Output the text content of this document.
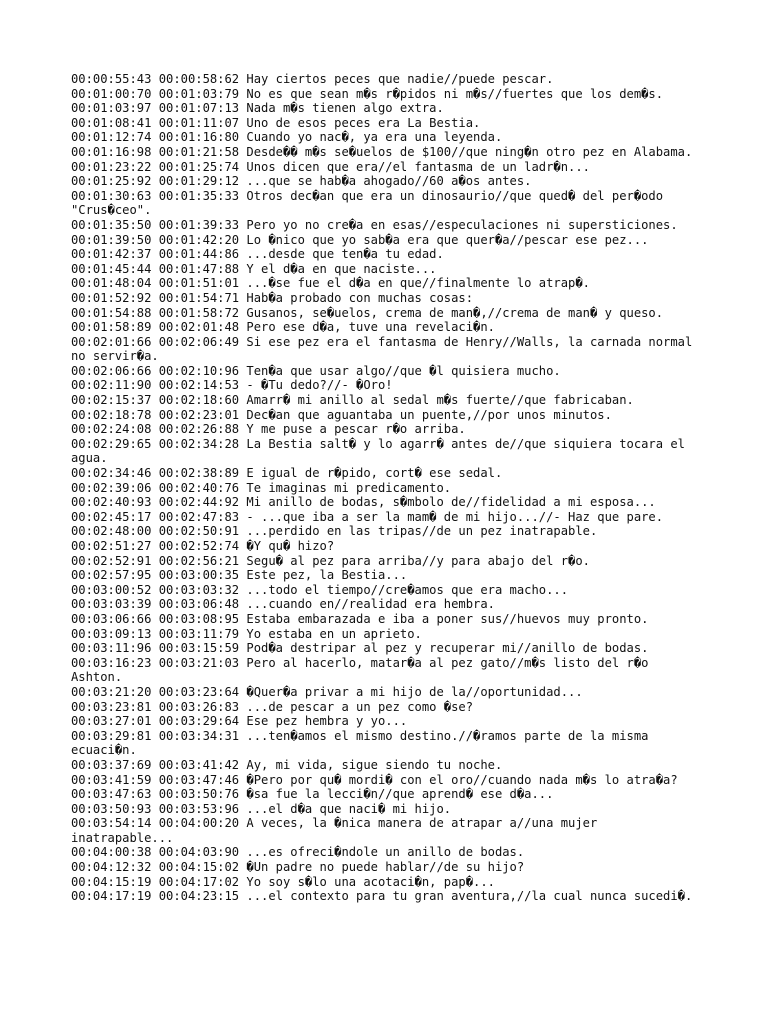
00:00:55:43 00:00:58:62 Hay ciertos peces que nadie//puede pescar.
00:01:00:70 00:01:03:79 No es que sean m�s r�pidos ni m�s//fuertes que los dem�s.
00:01:03:97 00:01:07:13 Nada m�s tienen algo extra.
00:01:08:41 00:01:11:07 Uno de esos peces era La Bestia.
00:01:12:74 00:01:16:80 Cuando yo nac�, ya era una leyenda.
00:01:16:98 00:01:21:58 Desde�� m�s se�uelos de $100//que ning�n otro pez en Alabama.
00:01:23:22 00:01:25:74 Unos dicen que era//el fantasma de un ladr�n...
00:01:25:92 00:01:29:12 ...que se hab�a ahogado//60 a�os antes.
00:01:30:63 00:01:35:33 Otros dec�an que era un dinosaurio//que qued� del per�odo "Crus�ceo".
00:01:35:50 00:01:39:33 Pero yo no cre�a en esas//especulaciones ni supersticiones.
00:01:39:50 00:01:42:20 Lo �nico que yo sab�a era que quer�a//pescar ese pez...
00:01:42:37 00:01:44:86 ...desde que ten�a tu edad.
00:01:45:44 00:01:47:88 Y el d�a en que naciste...
00:01:48:04 00:01:51:01 ...�se fue el d�a en que//finalmente lo atrap�.
00:01:52:92 00:01:54:71 Hab�a probado con muchas cosas:
00:01:54:88 00:01:58:72 Gusanos, se�uelos, crema de man�,//crema de man� y queso.
00:01:58:89 00:02:01:48 Pero ese d�a, tuve una revelaci�n.
00:02:01:66 00:02:06:49 Si ese pez era el fantasma de Henry//Walls, la carnada normal no servir�a.
00:02:06:66 00:02:10:96 Ten�a que usar algo//que �l quisiera mucho.
00:02:11:90 00:02:14:53 - �Tu dedo?//- �Oro!
00:02:15:37 00:02:18:60 Amarr� mi anillo al sedal m�s fuerte//que fabricaban.
00:02:18:78 00:02:23:01 Dec�an que aguantaba un puente,//por unos minutos.
00:02:24:08 00:02:26:88 Y me puse a pescar r�o arriba.
00:02:29:65 00:02:34:28 La Bestia salt� y lo agarr� antes de//que siquiera tocara el agua.
00:02:34:46 00:02:38:89 E igual de r�pido, cort� ese sedal.
00:02:39:06 00:02:40:76 Te imaginas mi predicamento.
00:02:40:93 00:02:44:92 Mi anillo de bodas, s�mbolo de//fidelidad a mi esposa...
00:02:45:17 00:02:47:83 - ...que iba a ser la mam� de mi hijo...//- Haz que pare.
00:02:48:00 00:02:50:91 ...perdido en las tripas//de un pez inatrapable.
00:02:51:27 00:02:52:74 �Y qu� hizo?
00:02:52:91 00:02:56:21 Segu� al pez para arriba//y para abajo del r�o.
00:02:57:95 00:03:00:35 Este pez, la Bestia...
00:03:00:52 00:03:03:32 ...todo el tiempo//cre�amos que era macho...
00:03:03:39 00:03:06:48 ...cuando en//realidad era hembra.
00:03:06:66 00:03:08:95 Estaba embarazada e iba a poner sus//huevos muy pronto.
00:03:09:13 00:03:11:79 Yo estaba en un aprieto.
00:03:11:96 00:03:15:59 Pod�a destripar al pez y recuperar mi//anillo de bodas.
00:03:16:23 00:03:21:03 Pero al hacerlo, matar�a al pez gato//m�s listo del r�o Ashton.
00:03:21:20 00:03:23:64 �Quer�a privar a mi hijo de la//oportunidad...
00:03:23:81 00:03:26:83 ...de pescar a un pez como �se?
00:03:27:01 00:03:29:64 Ese pez hembra y yo...
00:03:29:81 00:03:34:31 ...ten�amos el mismo destino.//�ramos parte de la misma ecuaci�n.
00:03:37:69 00:03:41:42 Ay, mi vida, sigue siendo tu noche.
00:03:41:59 00:03:47:46 �Pero por qu� mordi� con el oro//cuando nada m�s lo atra�a?
00:03:47:63 00:03:50:76 �sa fue la lecci�n//que aprend� ese d�a...
00:03:50:93 00:03:53:96 ...el d�a que naci� mi hijo.
00:03:54:14 00:04:00:20 A veces, la �nica manera de atrapar a//una mujer inatrapable...
00:04:00:38 00:04:03:90 ...es ofreci�ndole un anillo de bodas.
00:04:12:32 00:04:15:02 �Un padre no puede hablar//de su hijo?
00:04:15:19 00:04:17:02 Yo soy s�lo una acotaci�n, pap�...
00:04:17:19 00:04:23:15 ...el contexto para tu gran aventura,//la cual nunca sucedi�.
